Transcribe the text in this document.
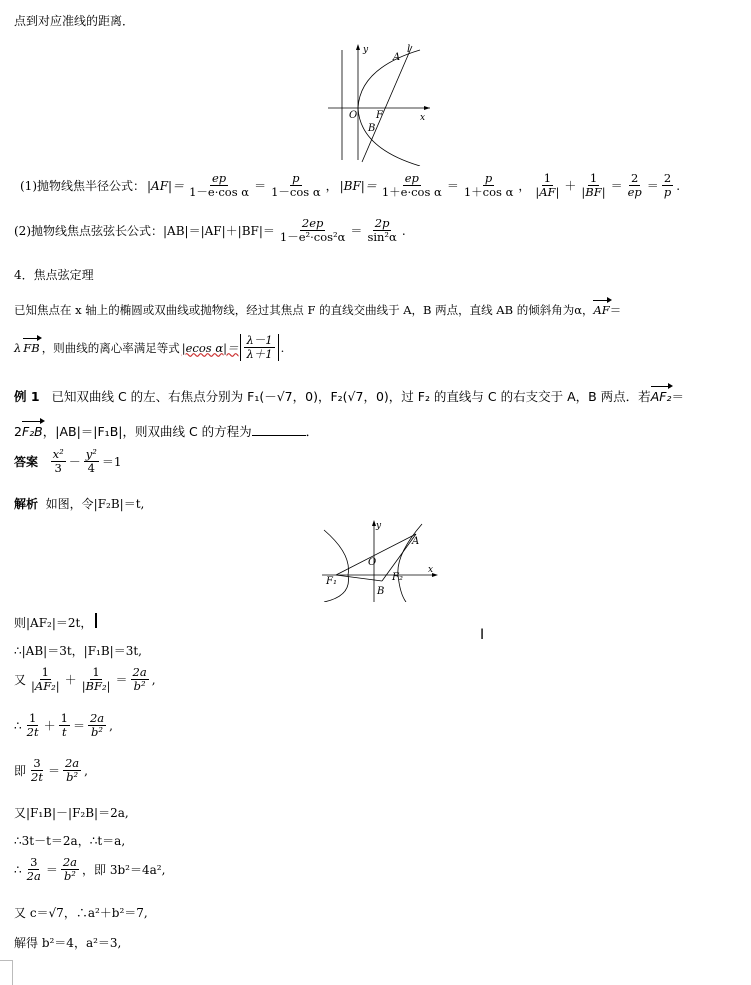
点到对应准线的距离．
y
A
l
O F
B
x
(1)抛物线焦半径公式： $|AF|= \frac{ep}{\text{1－e·cos α}} = \frac{p}{\text{1－cos α}}$ ， $|BF|= \frac{ep}{\text{1＋e·cos α}} = \frac{p}{\text{1＋cos α}}$ ， $\frac{1}{|AF|} + \frac{1}{|BF|} = \frac{2}{ep} = \frac{2}{p}$ .
(2)抛物线焦点弦弦长公式：$|AB|=|AF|+|BF|= \frac{2ep}{\text{1－e²·cos²α}} = \frac{2p}{\text{sin²α}}$ .
4．焦点弦定理
已知焦点在 x 轴上的椭圆或双曲线或抛物线，经过其焦点 F 的直线交曲线于 A，B 两点，直线 AB 的倾斜角为α，AF＝
λ FB ，则曲线的离心率满足等式 |ecos $\alpha|= \frac{\lambda-1}{\lambda+1}$ .
例 1 已知双曲线 C 的左、右焦点分别为 F₁(－√7，0)，F₂(√7，0)，过 F₂ 的直线与 C 的右支交于 A，B 两点．若AF₂＝
2F₂B，|AB|＝|F₁B|，则双曲线 C 的方程为	．
答案
$\frac{\text{x²}}{3} - \frac{\text{y²}}{4} =1$
解析 如图，令|F₂B|＝t,
y
A
O
F₁	F₂
B
x
I
则|AF₂|＝2t，
∴|AB|＝3t，|F₁B|＝3t,
又 $\frac{1}{\text{|AF₂|}} + \frac{1}{\text{|BF₂|}} = \frac{2a}{\text{b²}}$ ,
∴ $\frac{1}{2t} + \frac{1}{t} = \frac{2a}{\text{b²}}$ ,
即 $\frac{3}{2t} = \frac{2a}{\text{b²}}$ ,
又|F₁B|－|F₂B|＝2a,
∴3t－t＝2a，∴t＝a,
∴ $\frac{3}{2a} = \frac{2a}{\text{b²}}$ ，即 3b²＝4a²,
又 c＝√7，∴a²＋b²＝7,
解得 b²＝4，a²＝3,
